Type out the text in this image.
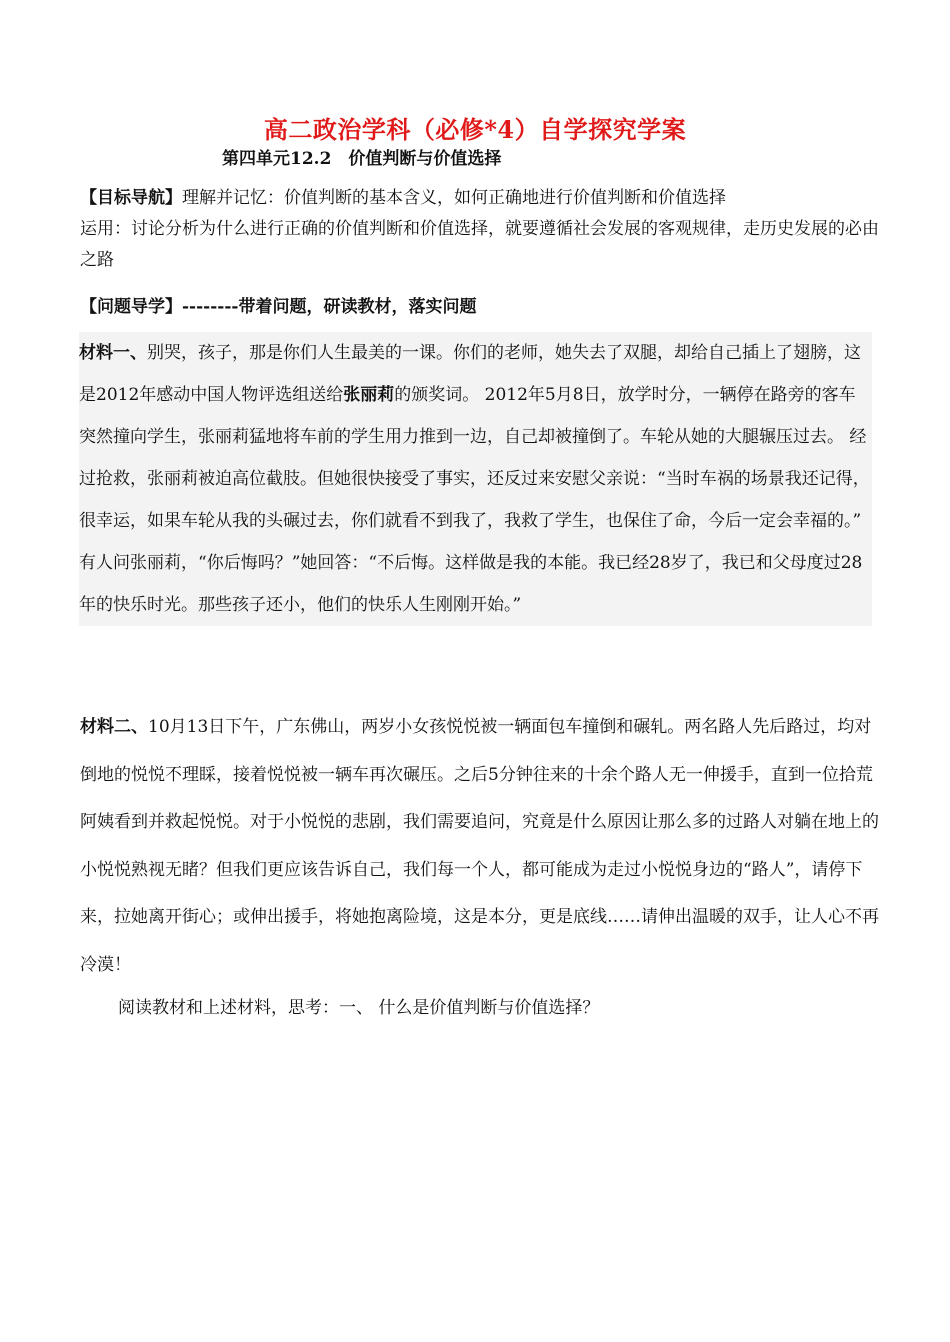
高二政治学科（必修*4）自学探究学案
第四单元12.2　价值判断与价值选择
【目标导航】理解并记忆：价值判断的基本含义，如何正确地进行价值判断和价值选择
运用：讨论分析为什么进行正确的价值判断和价值选择，就要遵循社会发展的客观规律，走历史发展的必由之路
【问题导学】--------带着问题，研读教材，落实问题
材料一、别哭，孩子，那是你们人生最美的一课。你们的老师，她失去了双腿，却给自己插上了翅膀，这是2012年感动中国人物评选组送给张丽莉的颁奖词。 2012年5月8日，放学时分，一辆停在路旁的客车突然撞向学生，张丽莉猛地将车前的学生用力推到一边，自己却被撞倒了。车轮从她的大腿辗压过去。 经过抢救，张丽莉被迫高位截肢。但她很快接受了事实，还反过来安慰父亲说：“当时车祸的场景我还记得，很幸运，如果车轮从我的头碾过去，你们就看不到我了，我救了学生，也保住了命，今后一定会幸福的。” 有人问张丽莉，“你后悔吗？”她回答：“不后悔。这样做是我的本能。我已经28岁了，我已和父母度过28年的快乐时光。那些孩子还小，他们的快乐人生刚刚开始。”
材料二、10月13日下午，广东佛山，两岁小女孩悦悦被一辆面包车撞倒和碾轧。两名路人先后路过，均对倒地的悦悦不理睬，接着悦悦被一辆车再次碾压。之后5分钟往来的十余个路人无一伸援手，直到一位拾荒阿姨看到并救起悦悦。对于小悦悦的悲剧，我们需要追问，究竟是什么原因让那么多的过路人对躺在地上的小悦悦熟视无睹？但我们更应该告诉自己，我们每一个人，都可能成为走过小悦悦身边的“路人”，请停下来，拉她离开街心；或伸出援手，将她抱离险境，这是本分，更是底线……请伸出温暖的双手，让人心不再冷漠！
阅读教材和上述材料，思考：一、 什么是价值判断与价值选择？
